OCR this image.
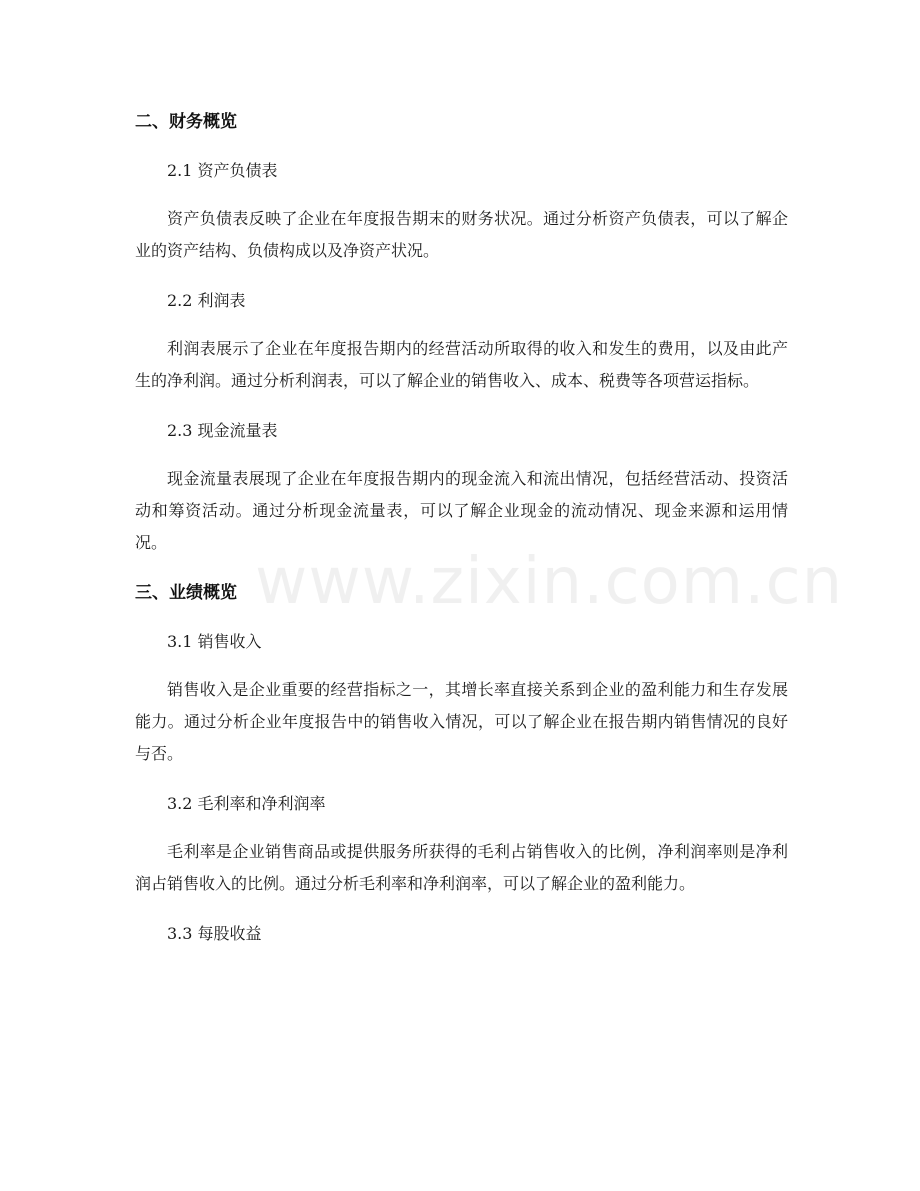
二、财务概览
2.1 资产负债表

资产负债表反映了企业在年度报告期末的财务状况。通过分析资产负债表，可以了解企业的资产结构、负债构成以及净资产状况。

2.2 利润表

利润表展示了企业在年度报告期内的经营活动所取得的收入和发生的费用，以及由此产生的净利润。通过分析利润表，可以了解企业的销售收入、成本、税费等各项营运指标。

2.3 现金流量表

现金流量表展现了企业在年度报告期内的现金流入和流出情况，包括经营活动、投资活动和筹资活动。通过分析现金流量表，可以了解企业现金的流动情况、现金来源和运用情况。

三、业绩概览
3.1 销售收入

销售收入是企业重要的经营指标之一，其增长率直接关系到企业的盈利能力和生存发展能力。通过分析企业年度报告中的销售收入情况，可以了解企业在报告期内销售情况的良好与否。

3.2 毛利率和净利润率

毛利率是企业销售商品或提供服务所获得的毛利占销售收入的比例，净利润率则是净利润占销售收入的比例。通过分析毛利率和净利润率，可以了解企业的盈利能力。

3.3 每股收益
www.zixin.com.cn
